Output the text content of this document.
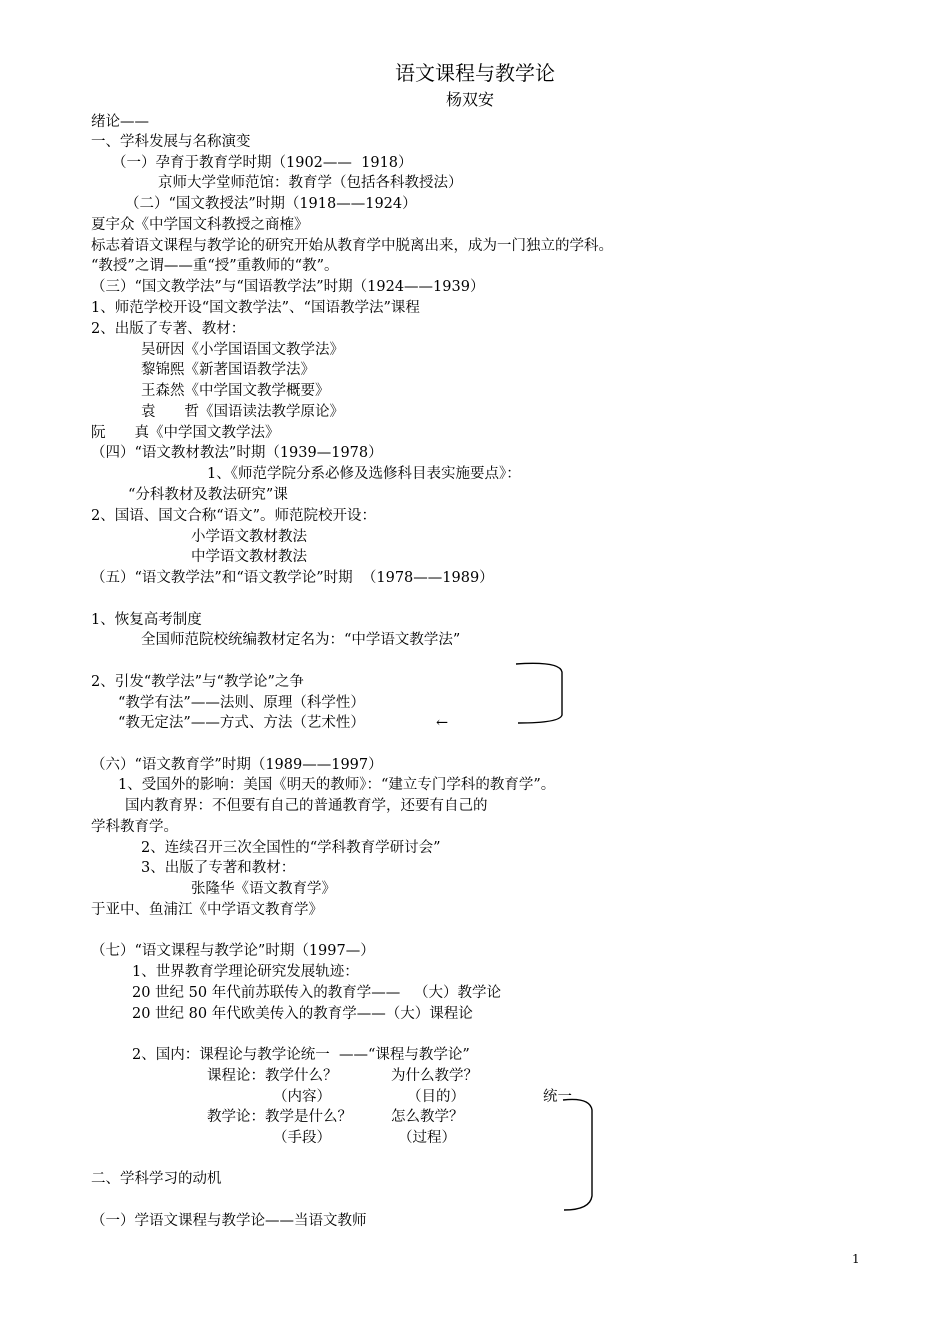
语文课程与教学论
杨双安
绪论——
一、学科发展与名称演变
（一）孕育于教育学时期（1902——  1918）
京师大学堂师范馆：教育学（包括各科教授法）
（二）“国文教授法”时期（1918——1924）
夏宇众《中学国文科教授之商榷》
标志着语文课程与教学论的研究开始从教育学中脱离出来，成为一门独立的学科。
“教授”之谓——重“授”重教师的“教”。
（三）“国文教学法”与“国语教学法”时期（1924——1939）
1、师范学校开设“国文教学法”、“国语教学法”课程
2、出版了专著、教材：
吴研因《小学国语国文教学法》
黎锦熙《新著国语教学法》
王森然《中学国文教学概要》
袁　　哲《国语读法教学原论》
阮　　真《中学国文教学法》
（四）“语文教材教法”时期（1939—1978）
1、《师范学院分系必修及选修科目表实施要点》：
“分科教材及教法研究”课
2、国语、国文合称“语文”。师范院校开设：
小学语文教材教法
中学语文教材教法
（五）“语文教学法”和“语文教学论”时期  （1978——1989）
1、恢复高考制度
全国师范院校统编教材定名为：“中学语文教学法”
2、引发“教学法”与“教学论”之争
“教学有法”——法则、原理（科学性）
“教无定法”——方式、方法（艺术性）	←
（六）“语文教育学”时期（1989——1997）
1、受国外的影响：美国《明天的教师》：“建立专门学科的教育学”。
国内教育界：不但要有自己的普通教育学，还要有自己的
学科教育学。
2、连续召开三次全国性的“学科教育学研讨会”
3、出版了专著和教材：
张隆华《语文教育学》
于亚中、鱼浦江《中学语文教育学》
（七）“语文课程与教学论”时期（1997—）
1、世界教育学理论研究发展轨迹：
20 世纪 50 年代前苏联传入的教育学——   （大）教学论
20 世纪 80 年代欧美传入的教育学——（大）课程论
2、国内：课程论与教学论统一  ——“课程与教学论”
课程论：教学什么？	为什么教学？
（内容）	（目的）	统一
教学论：教学是什么？	怎么教学？
（手段）	（过程）
二、学科学习的动机
（一）学语文课程与教学论——当语文教师
1
